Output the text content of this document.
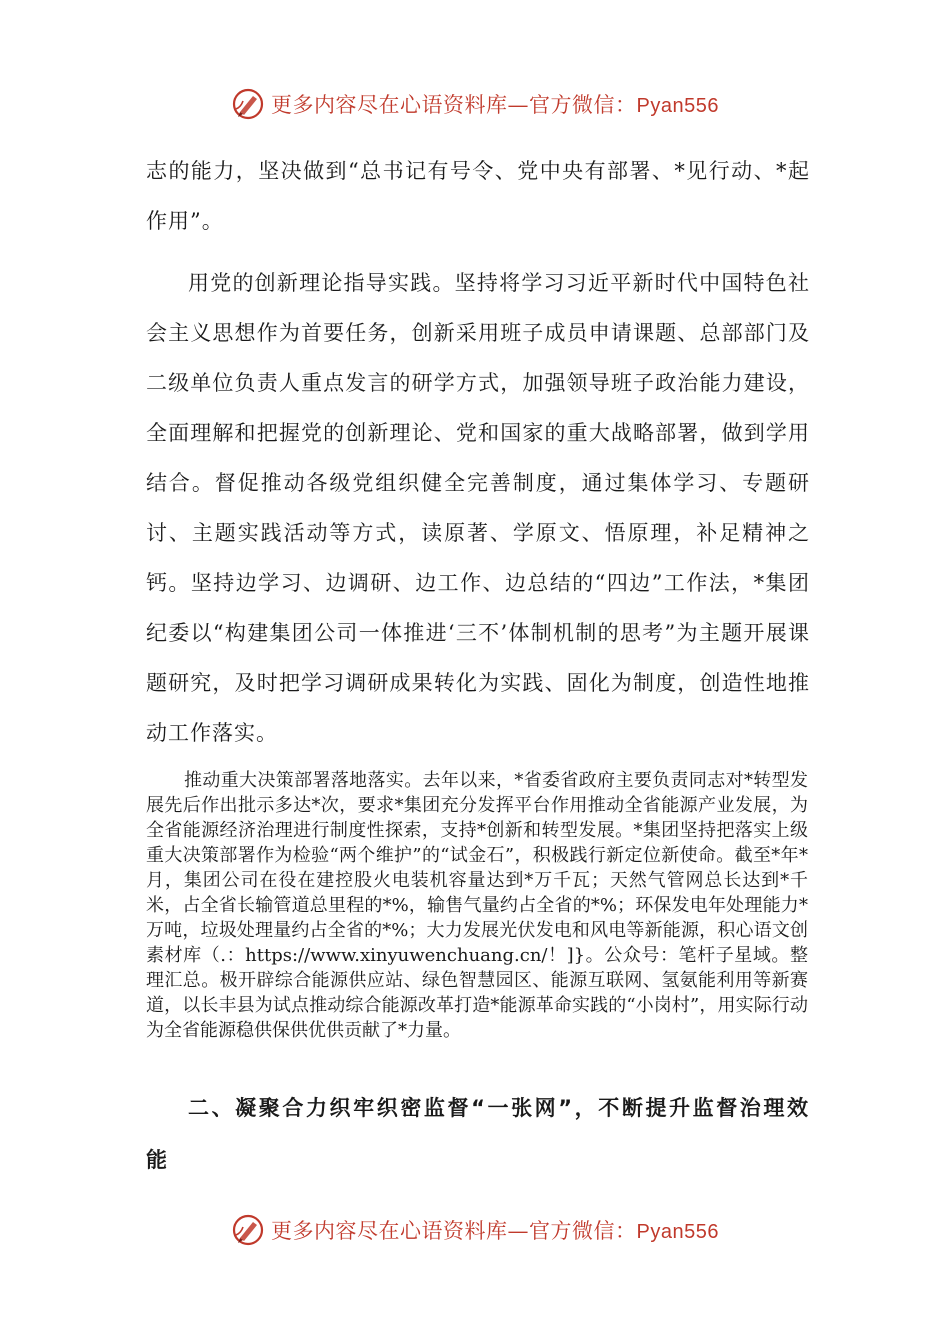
更多内容尽在心语资料库—官方微信：Pyan556

志的能力，坚决做到“总书记有号令、党中央有部署、*见行动、*起作用”。

用党的创新理论指导实践。坚持将学习习近平新时代中国特色社会主义思想作为首要任务，创新采用班子成员申请课题、总部部门及二级单位负责人重点发言的研学方式，加强领导班子政治能力建设，全面理解和把握党的创新理论、党和国家的重大战略部署，做到学用结合。督促推动各级党组织健全完善制度，通过集体学习、专题研讨、主题实践活动等方式，读原著、学原文、悟原理，补足精神之钙。坚持边学习、边调研、边工作、边总结的“四边”工作法，*集团纪委以“构建集团公司一体推进‘三不’体制机制的思考”为主题开展课题研究，及时把学习调研成果转化为实践、固化为制度，创造性地推动工作落实。

推动重大决策部署落地落实。去年以来，*省委省政府主要负责同志对*转型发展先后作出批示多达*次，要求*集团充分发挥平台作用推动全省能源产业发展，为全省能源经济治理进行制度性探索，支持*创新和转型发展。*集团坚持把落实上级重大决策部署作为检验“两个维护”的“试金石”，积极践行新定位新使命。截至*年*月，集团公司在役在建控股火电装机容量达到*万千瓦；天然气管网总长达到*千米，占全省长输管道总里程的*%，输售气量约占全省的*%；环保发电年处理能力*万吨，垃圾处理量约占全省的*%；大力发展光伏发电和风电等新能源，积心语文创素材库（.：https://www.xinyuwenchuang.cn/！]}。公众号：笔杆子星域。整理汇总。极开辟综合能源供应站、绿色智慧园区、能源互联网、氢氨能利用等新赛道，以长丰县为试点推动综合能源改革打造*能源革命实践的“小岗村”，用实际行动为全省能源稳供保供优供贡献了*力量。

二、凝聚合力织牢织密监督“一张网”，不断提升监督治理效能

更多内容尽在心语资料库—官方微信：Pyan556
